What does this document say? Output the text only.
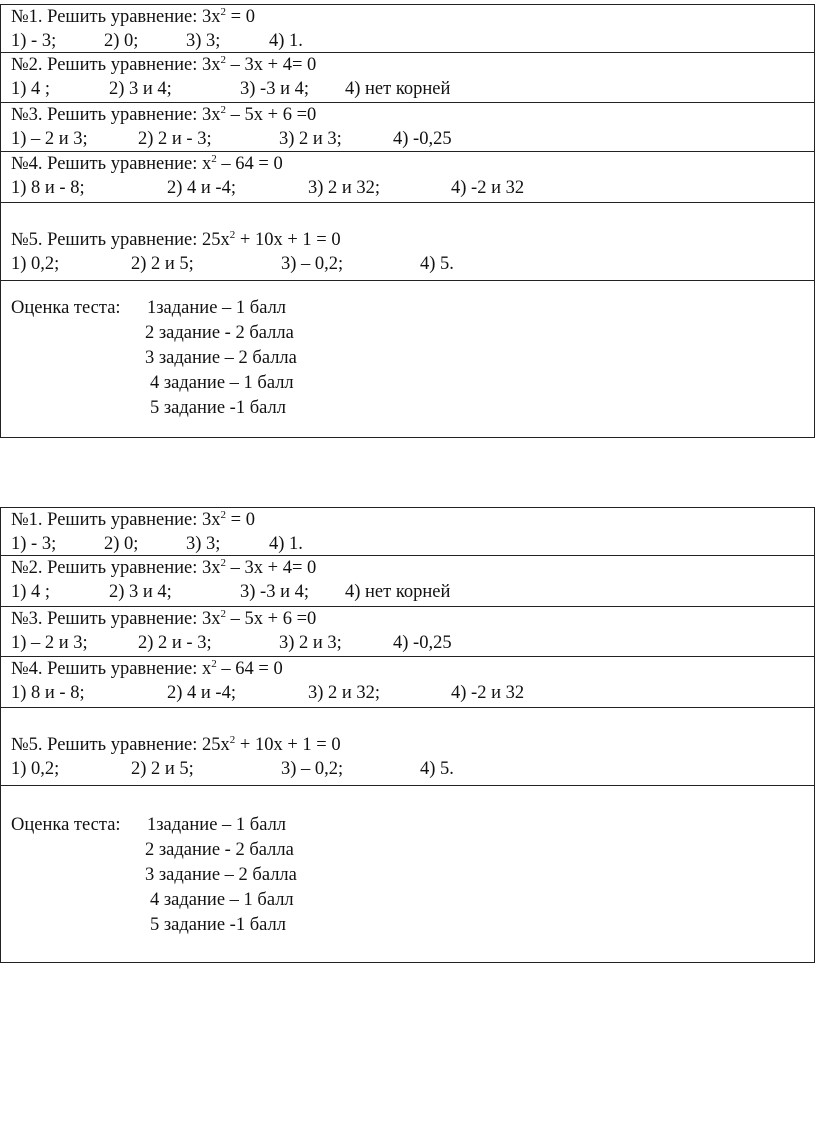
№1. Решить уравнение: $3x^2 = 0$
1) - 3;	2) 0;	3) 3;	4) 1.
№2. Решить уравнение: $3x^2 - 3x + 4= 0$
1) 4 ;	2) 3 и 4;	3) -3 и 4; 4) нет корней
№3. Решить уравнение: $3x^2 - 5x + 6 =0$
1) – 2 и 3;	2) 2 и - 3;	3) 2 и 3;	4) -0,25
№4. Решить уравнение: $x^2 - 64 = 0$
1) 8 и - 8;	2) 4 и -4;	3) 2 и 32;	4) -2 и 32
№5. Решить уравнение: $25x^2 + 10x + 1 = 0$
1) 0,2;	2) 2 и 5;	3) – 0,2;	4) 5.
Оценка теста: 1задание – 1 балл
2 задание - 2 балла
3 задание – 2 балла
4 задание – 1 балл
5 задание -1 балл
№1. Решить уравнение: $3x^2 = 0$
1) - 3;	2) 0;	3) 3;	4) 1.
№2. Решить уравнение: $3x^2 - 3x + 4= 0$
1) 4 ;	2) 3 и 4;	3) -3 и 4; 4) нет корней
№3. Решить уравнение: $3x^2 - 5x + 6 =0$
1) – 2 и 3;	2) 2 и - 3;	3) 2 и 3;	4) -0,25
№4. Решить уравнение: $x^2 - 64 = 0$
1) 8 и - 8;	2) 4 и -4;	3) 2 и 32;	4) -2 и 32
№5. Решить уравнение: $25x^2 + 10x + 1 = 0$
1) 0,2;	2) 2 и 5;	3) – 0,2;	4) 5.
Оценка теста: 1задание – 1 балл
2 задание - 2 балла
3 задание – 2 балла
4 задание – 1 балл
5 задание -1 балл
